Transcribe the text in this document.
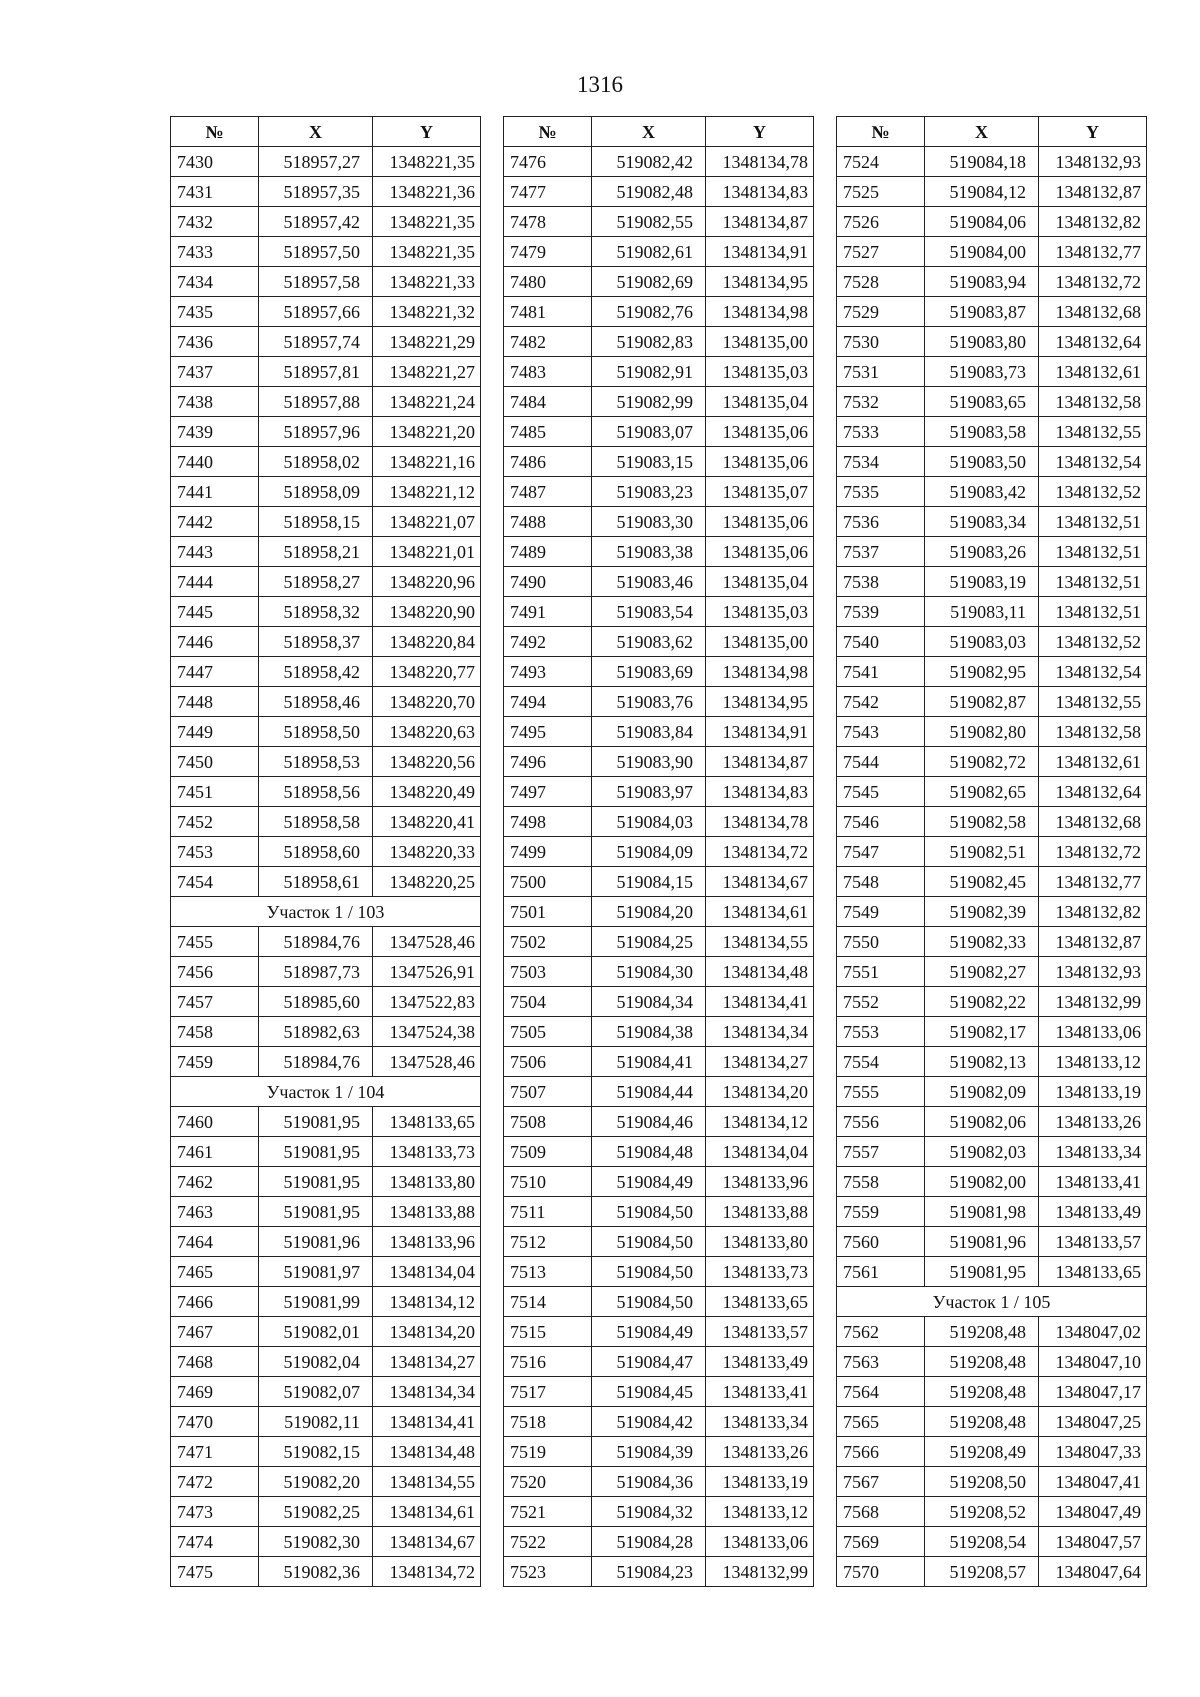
1316
№	X	Y
7430	518957,27	1348221,35
7431	518957,35	1348221,36
7432	518957,42	1348221,35
7433	518957,50	1348221,35
7434	518957,58	1348221,33
7435	518957,66	1348221,32
7436	518957,74	1348221,29
7437	518957,81	1348221,27
7438	518957,88	1348221,24
7439	518957,96	1348221,20
7440	518958,02	1348221,16
7441	518958,09	1348221,12
7442	518958,15	1348221,07
7443	518958,21	1348221,01
7444	518958,27	1348220,96
7445	518958,32	1348220,90
7446	518958,37	1348220,84
7447	518958,42	1348220,77
7448	518958,46	1348220,70
7449	518958,50	1348220,63
7450	518958,53	1348220,56
7451	518958,56	1348220,49
7452	518958,58	1348220,41
7453	518958,60	1348220,33
7454	518958,61	1348220,25
Участок 1 / 103		
7455	518984,76	1347528,46
7456	518987,73	1347526,91
7457	518985,60	1347522,83
7458	518982,63	1347524,38
7459	518984,76	1347528,46
Участок 1 / 104		
7460	519081,95	1348133,65
7461	519081,95	1348133,73
7462	519081,95	1348133,80
7463	519081,95	1348133,88
7464	519081,96	1348133,96
7465	519081,97	1348134,04
7466	519081,99	1348134,12
7467	519082,01	1348134,20
7468	519082,04	1348134,27
7469	519082,07	1348134,34
7470	519082,11	1348134,41
7471	519082,15	1348134,48
7472	519082,20	1348134,55
7473	519082,25	1348134,61
7474	519082,30	1348134,67
7475	519082,36	1348134,72
№	X	Y
7476	519082,42	1348134,78
7477	519082,48	1348134,83
7478	519082,55	1348134,87
7479	519082,61	1348134,91
7480	519082,69	1348134,95
7481	519082,76	1348134,98
7482	519082,83	1348135,00
7483	519082,91	1348135,03
7484	519082,99	1348135,04
7485	519083,07	1348135,06
7486	519083,15	1348135,06
7487	519083,23	1348135,07
7488	519083,30	1348135,06
7489	519083,38	1348135,06
7490	519083,46	1348135,04
7491	519083,54	1348135,03
7492	519083,62	1348135,00
7493	519083,69	1348134,98
7494	519083,76	1348134,95
7495	519083,84	1348134,91
7496	519083,90	1348134,87
7497	519083,97	1348134,83
7498	519084,03	1348134,78
7499	519084,09	1348134,72
7500	519084,15	1348134,67
7501	519084,20	1348134,61
7502	519084,25	1348134,55
7503	519084,30	1348134,48
7504	519084,34	1348134,41
7505	519084,38	1348134,34
7506	519084,41	1348134,27
7507	519084,44	1348134,20
7508	519084,46	1348134,12
7509	519084,48	1348134,04
7510	519084,49	1348133,96
7511	519084,50	1348133,88
7512	519084,50	1348133,80
7513	519084,50	1348133,73
7514	519084,50	1348133,65
7515	519084,49	1348133,57
7516	519084,47	1348133,49
7517	519084,45	1348133,41
7518	519084,42	1348133,34
7519	519084,39	1348133,26
7520	519084,36	1348133,19
7521	519084,32	1348133,12
7522	519084,28	1348133,06
7523	519084,23	1348132,99
№	X	Y
7524	519084,18	1348132,93
7525	519084,12	1348132,87
7526	519084,06	1348132,82
7527	519084,00	1348132,77
7528	519083,94	1348132,72
7529	519083,87	1348132,68
7530	519083,80	1348132,64
7531	519083,73	1348132,61
7532	519083,65	1348132,58
7533	519083,58	1348132,55
7534	519083,50	1348132,54
7535	519083,42	1348132,52
7536	519083,34	1348132,51
7537	519083,26	1348132,51
7538	519083,19	1348132,51
7539	519083,11	1348132,51
7540	519083,03	1348132,52
7541	519082,95	1348132,54
7542	519082,87	1348132,55
7543	519082,80	1348132,58
7544	519082,72	1348132,61
7545	519082,65	1348132,64
7546	519082,58	1348132,68
7547	519082,51	1348132,72
7548	519082,45	1348132,77
7549	519082,39	1348132,82
7550	519082,33	1348132,87
7551	519082,27	1348132,93
7552	519082,22	1348132,99
7553	519082,17	1348133,06
7554	519082,13	1348133,12
7555	519082,09	1348133,19
7556	519082,06	1348133,26
7557	519082,03	1348133,34
7558	519082,00	1348133,41
7559	519081,98	1348133,49
7560	519081,96	1348133,57
7561	519081,95	1348133,65
Участок 1 / 105		
7562	519208,48	1348047,02
7563	519208,48	1348047,10
7564	519208,48	1348047,17
7565	519208,48	1348047,25
7566	519208,49	1348047,33
7567	519208,50	1348047,41
7568	519208,52	1348047,49
7569	519208,54	1348047,57
7570	519208,57	1348047,64
